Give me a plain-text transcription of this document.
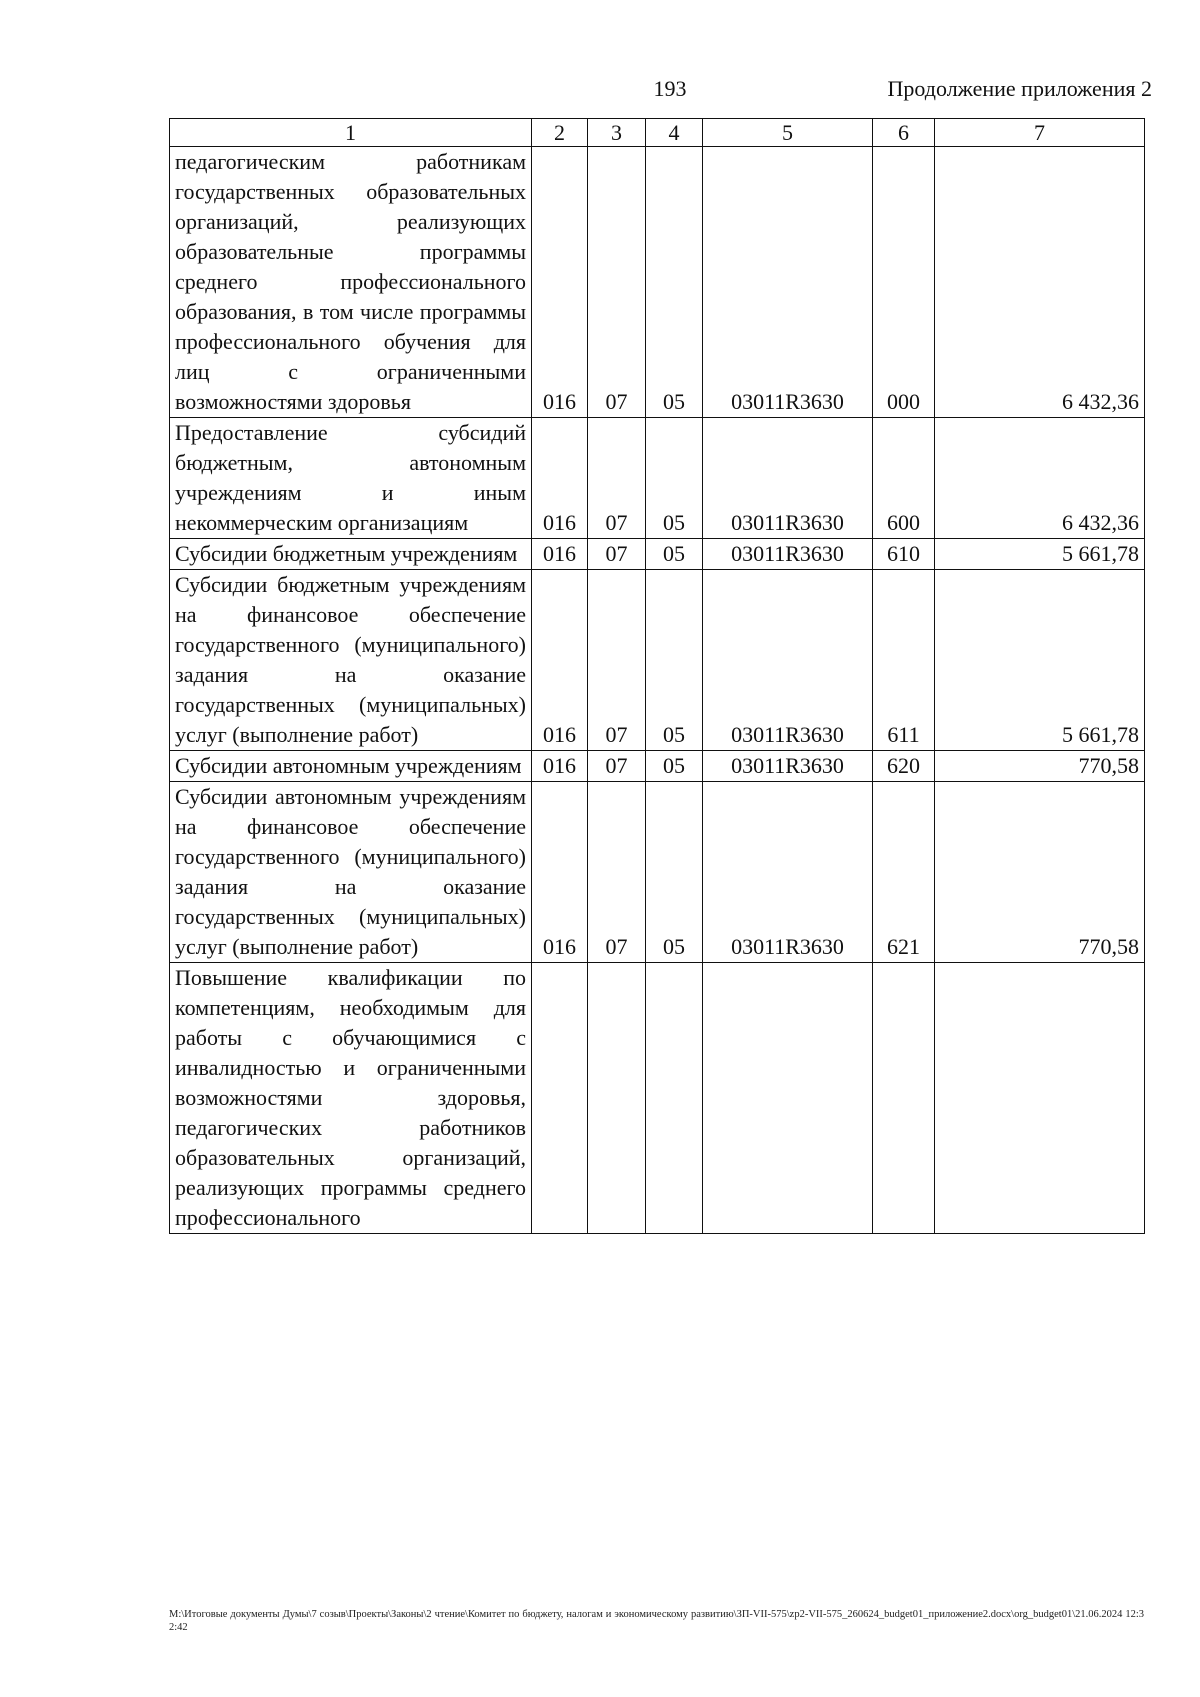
193	Продолжение приложения 2
1	2	3	4	5	6	7
педагогическим работникам государственных образовательных организаций, реализующих образовательные программы среднего профессионального образования, в том числе программы профессионального обучения для лиц с ограниченными возможностями здоровья	016	07	05	03011R3630	000	6 432,36
Предоставление субсидий бюджетным, автономным учреждениям и иным некоммерческим организациям	016	07	05	03011R3630	600	6 432,36
Субсидии бюджетным учреждениям	016	07	05	03011R3630	610	5 661,78
Субсидии бюджетным учреждениям на финансовое обеспечение государственного (муниципального) задания на оказание государственных (муниципальных) услуг (выполнение работ)	016	07	05	03011R3630	611	5 661,78
Субсидии автономным учреждениям	016	07	05	03011R3630	620	770,58
Субсидии автономным учреждениям на финансовое обеспечение государственного (муниципального) задания на оказание государственных (муниципальных) услуг (выполнение работ)	016	07	05	03011R3630	621	770,58
Повышение квалификации по компетенциям, необходимым для работы с обучающимися с инвалидностью и ограниченными возможностями здоровья, педагогических работников образовательных организаций, реализующих программы среднего профессионального						
M:\Итоговые документы Думы\7 созыв\Проекты\Законы\2 чтение\Комитет по бюджету, налогам и экономическому развитию\ЗП-VII-575\zp2-VII-575_260624_budget01_приложение2.docx\org_budget01\21.06.2024 12:32:42
